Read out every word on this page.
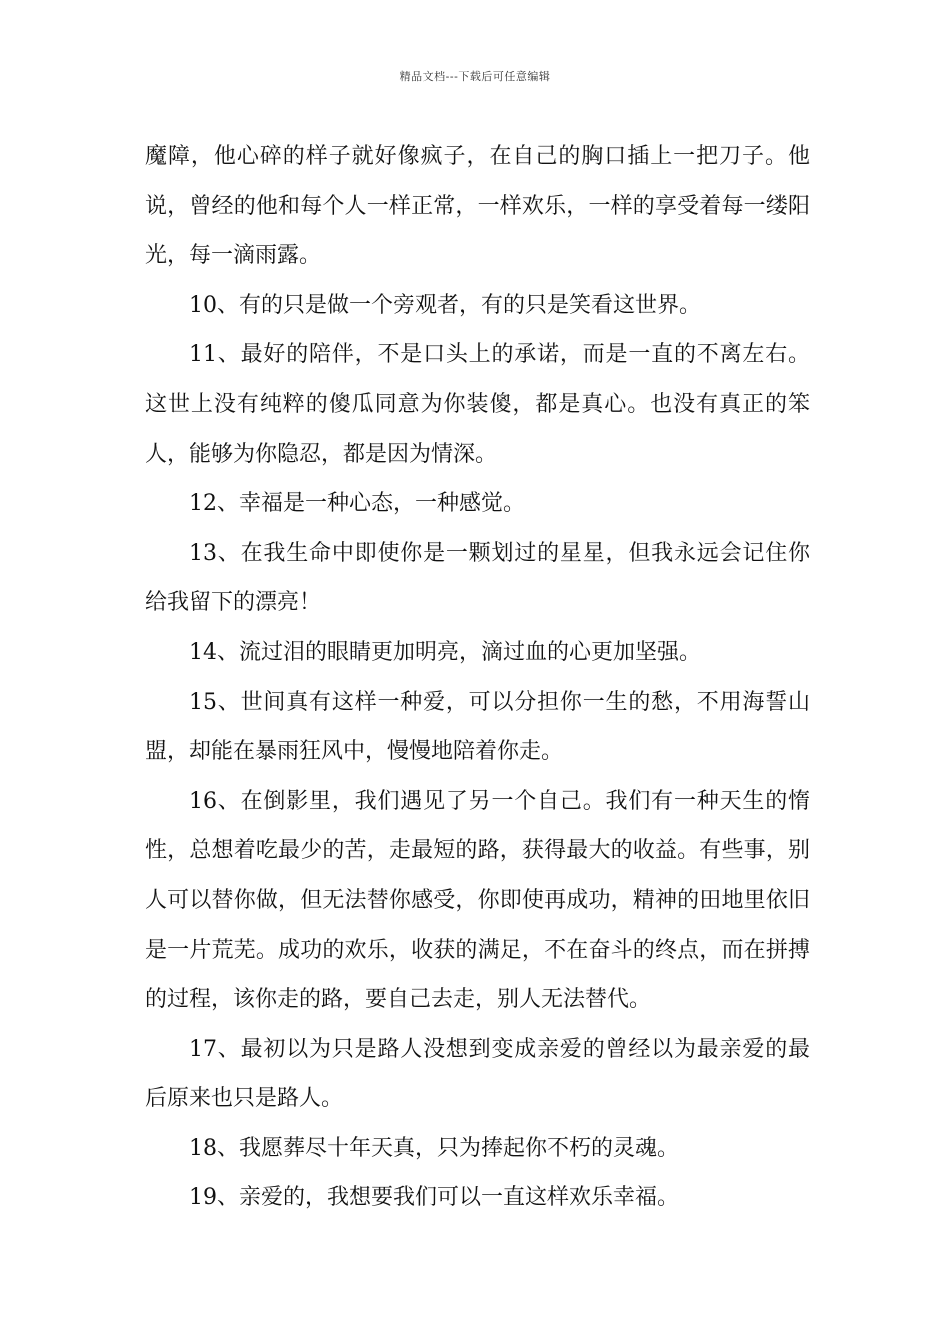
精品文档---下载后可任意编辑

魔障，他心碎的样子就好像疯子，在自己的胸口插上一把刀子。他说，曾经的他和每个人一样正常，一样欢乐，一样的享受着每一缕阳光，每一滴雨露。

10、有的只是做一个旁观者，有的只是笑看这世界。

11、最好的陪伴，不是口头上的承诺，而是一直的不离左右。这世上没有纯粹的傻瓜同意为你装傻，都是真心。也没有真正的笨人，能够为你隐忍，都是因为情深。

12、幸福是一种心态，一种感觉。

13、在我生命中即使你是一颗划过的星星，但我永远会记住你给我留下的漂亮！

14、流过泪的眼睛更加明亮，滴过血的心更加坚强。

15、世间真有这样一种爱，可以分担你一生的愁，不用海誓山盟，却能在暴雨狂风中，慢慢地陪着你走。

16、在倒影里，我们遇见了另一个自己。我们有一种天生的惰性，总想着吃最少的苦，走最短的路，获得最大的收益。有些事，别人可以替你做，但无法替你感受，你即使再成功，精神的田地里依旧是一片荒芜。成功的欢乐，收获的满足，不在奋斗的终点，而在拼搏的过程，该你走的路，要自己去走，别人无法替代。

17、最初以为只是路人没想到变成亲爱的曾经以为最亲爱的最后原来也只是路人。

18、我愿葬尽十年天真，只为捧起你不朽的灵魂。

19、亲爱的，我想要我们可以一直这样欢乐幸福。
